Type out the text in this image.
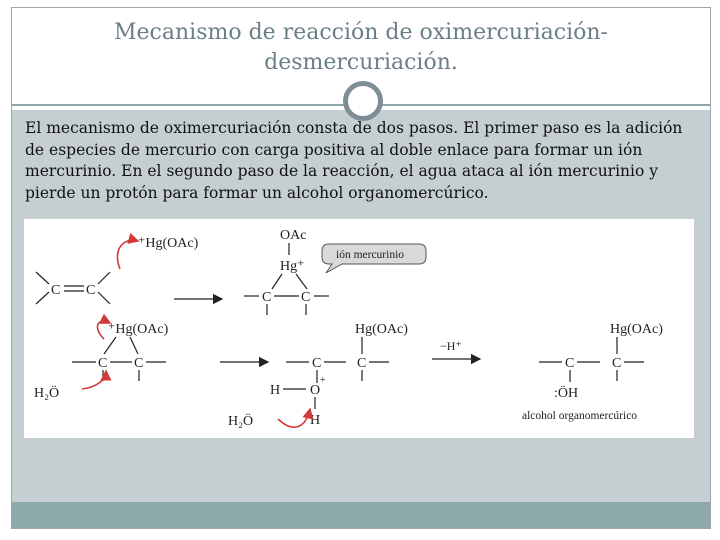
Mecanismo de reacción de oximercuriación-
desmercuriación.

El mecanismo de oximercuriación consta de dos pasos. El primer paso es la adición de especies de mercurio con carga positiva al doble enlace para formar un ión mercurinio. En el segundo paso de la reacción, el agua ataca al ión mercurinio y pierde un protón para formar un alcohol organomercúrico.

⁺Hg(OAc)
C C
OAc
Hg⁺
C C
ión mercurinio
⁺Hg(OAc)
C C
H₂Ö
Hg(OAc)
C	C
H O
+
H
H₂Ö
−H⁺
Hg(OAc)
C	C
:ÖH
alcohol organomercúrico
